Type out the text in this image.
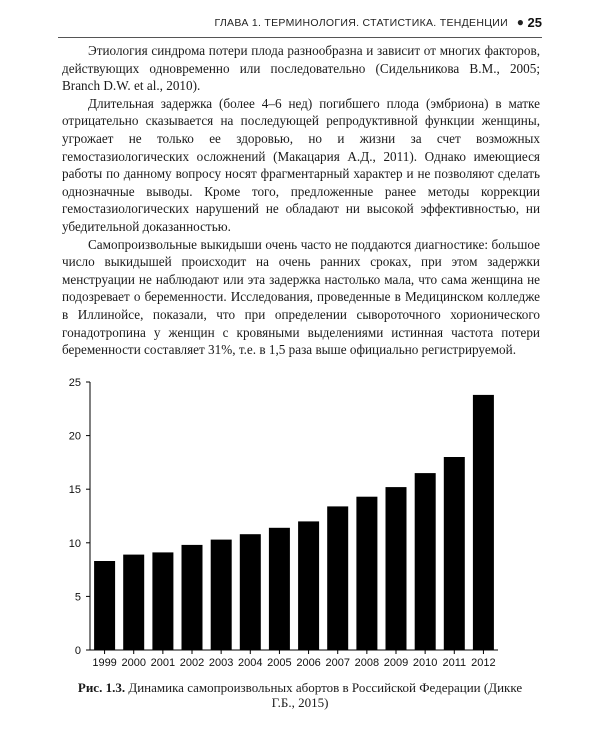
ГЛАВА 1. ТЕРМИНОЛОГИЯ. СТАТИСТИКА. ТЕНДЕНЦИИ ● 25

Этиология синдрома потери плода разнообразна и зависит от многих факторов, действующих одновременно или последовательно (Сидельникова В.М., 2005; Branch D.W. et al., 2010).

Длительная задержка (более 4–6 нед) погибшего плода (эмбриона) в матке отрицательно сказывается на последующей репродуктивной функции женщины, угрожает не только ее здоровью, но и жизни за счет возможных гемостазиологических осложнений (Макацария А.Д., 2011). Однако имеющиеся работы по данному вопросу носят фрагментарный характер и не позволяют сделать однозначные выводы. Кроме того, предложенные ранее методы коррекции гемостазиологических нарушений не обладают ни высокой эффективностью, ни убедительной доказанностью.

Самопроизвольные выкидыши очень часто не поддаются диагностике: большое число выкидышей происходит на очень ранних сроках, при этом задержки менструации не наблюдают или эта задержка настолько мала, что сама женщина не подозревает о беременности. Исследования, проведенные в Медицинском колледже в Иллинойсе, показали, что при определении сывороточного хорионического гонадотропина у женщин с кровяными выделениями истинная частота потери беременности составляет 31%, т.е. в 1,5 раза выше официально регистрируемой.

0
5
10
15
20
25
1999 2000 2001 2002 2003 2004 2005 2006 2007 2008 2009 2010 2011 2012
Рис. 1.3. Динамика самопроизвольных абортов в Российской Федерации (Дикке Г.Б., 2015)
